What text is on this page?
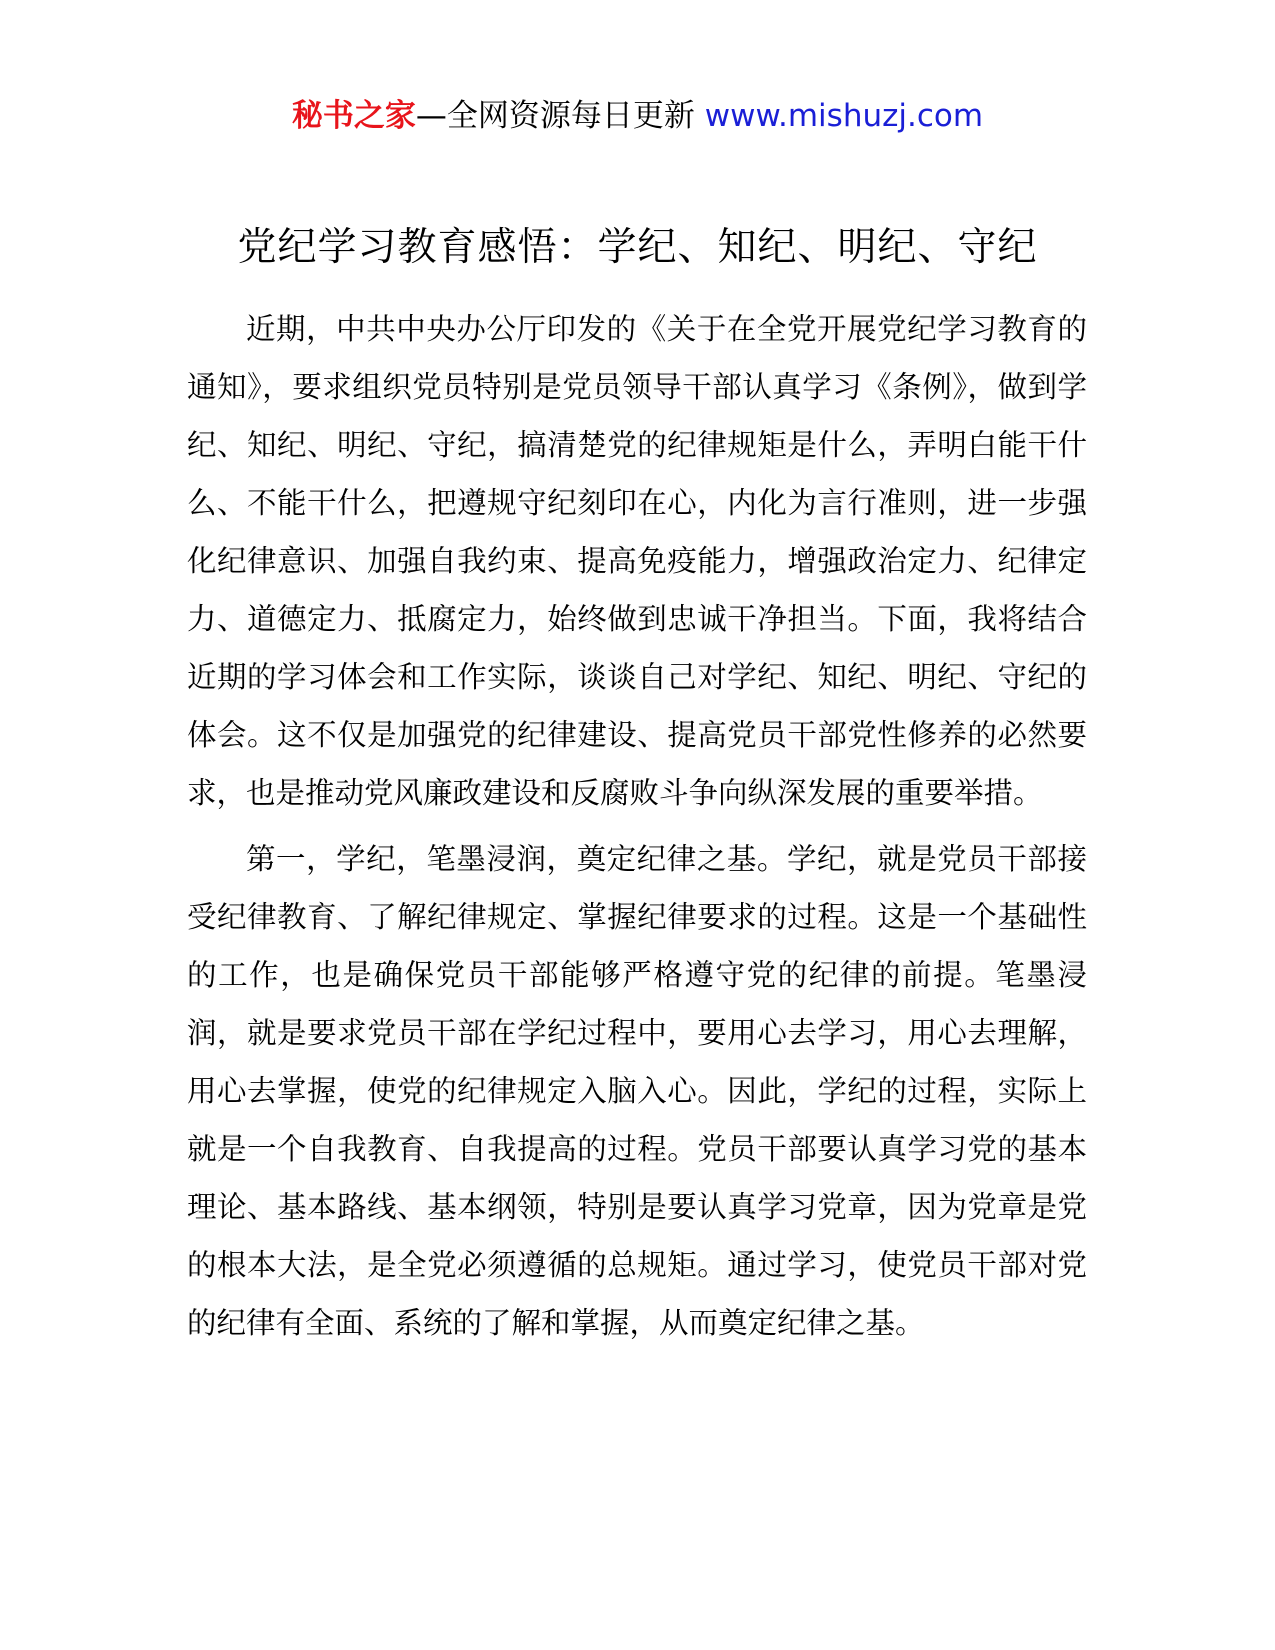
秘书之家—全网资源每日更新 www.mishuzj.com
党纪学习教育感悟：学纪、知纪、明纪、守纪

近期，中共中央办公厅印发的《关于在全党开展党纪学习教育的通知》，要求组织党员特别是党员领导干部认真学习《条例》，做到学纪、知纪、明纪、守纪，搞清楚党的纪律规矩是什么，弄明白能干什么、不能干什么，把遵规守纪刻印在心，内化为言行准则，进一步强化纪律意识、加强自我约束、提高免疫能力，增强政治定力、纪律定力、道德定力、抵腐定力，始终做到忠诚干净担当。下面，我将结合近期的学习体会和工作实际，谈谈自己对学纪、知纪、明纪、守纪的体会。这不仅是加强党的纪律建设、提高党员干部党性修养的必然要求，也是推动党风廉政建设和反腐败斗争向纵深发展的重要举措。

第一，学纪，笔墨浸润，奠定纪律之基。学纪，就是党员干部接受纪律教育、了解纪律规定、掌握纪律要求的过程。这是一个基础性的工作，也是确保党员干部能够严格遵守党的纪律的前提。笔墨浸润，就是要求党员干部在学纪过程中，要用心去学习，用心去理解，用心去掌握，使党的纪律规定入脑入心。因此，学纪的过程，实际上就是一个自我教育、自我提高的过程。党员干部要认真学习党的基本理论、基本路线、基本纲领，特别是要认真学习党章，因为党章是党的根本大法，是全党必须遵循的总规矩。通过学习，使党员干部对党的纪律有全面、系统的了解和掌握，从而奠定纪律之基。
